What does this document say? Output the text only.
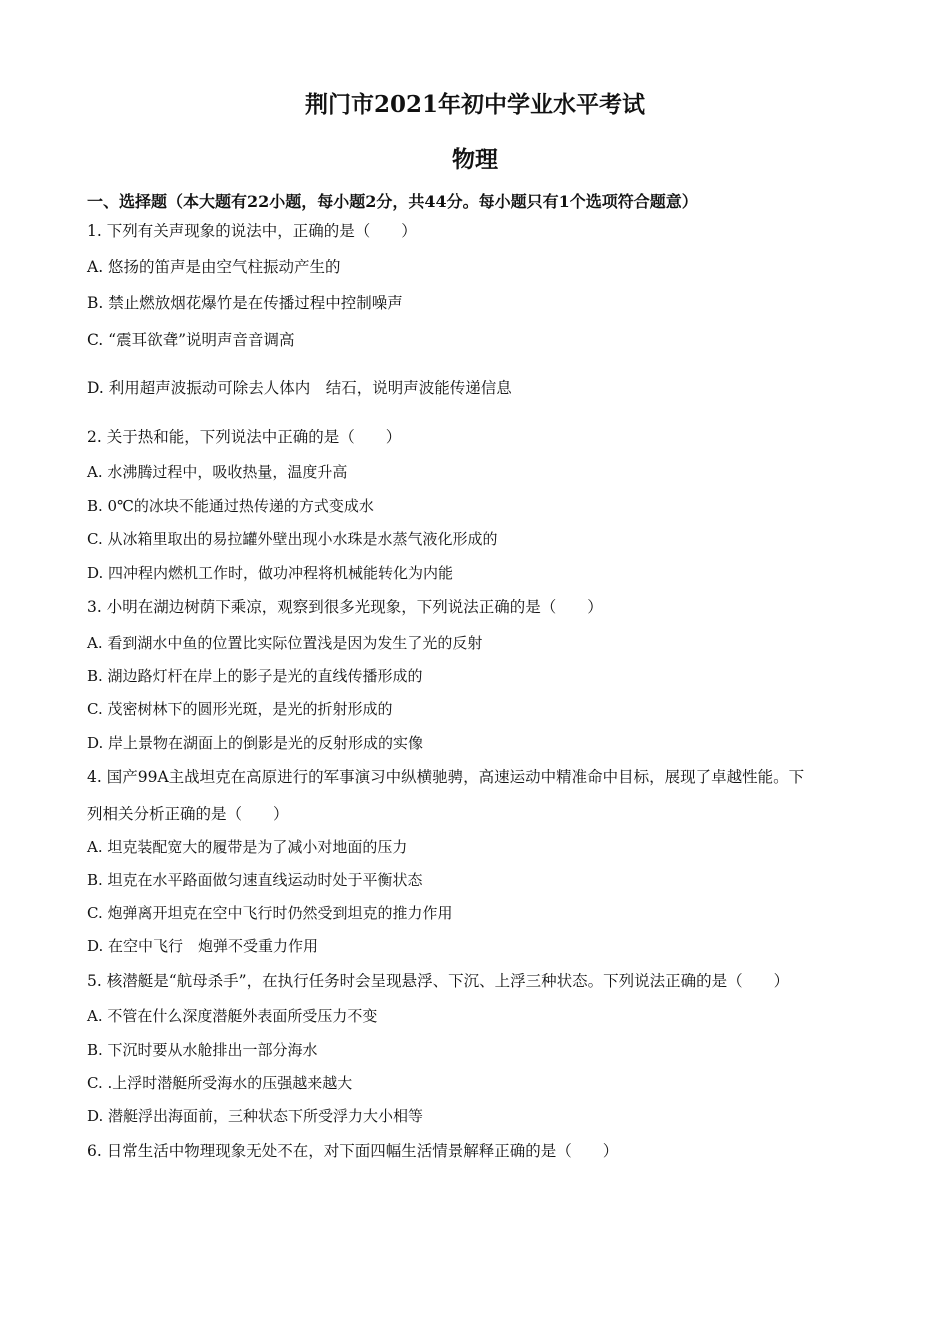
荆门市2021年初中学业水平考试
物理
一、选择题（本大题有22小题，每小题2分，共44分。每小题只有1个选项符合题意）
1. 下列有关声现象的说法中，正确的是（　　）
A. 悠扬的笛声是由空气柱振动产生的
B. 禁止燃放烟花爆竹是在传播过程中控制噪声
C. “震耳欲聋”说明声音音调高
D. 利用超声波振动可除去人体内　结石，说明声波能传递信息
2. 关于热和能，下列说法中正确的是（　　）
A. 水沸腾过程中，吸收热量，温度升高
B. 0℃的冰块不能通过热传递的方式变成水
C. 从冰箱里取出的易拉罐外壁出现小水珠是水蒸气液化形成的
D. 四冲程内燃机工作时，做功冲程将机械能转化为内能
3. 小明在湖边树荫下乘凉，观察到很多光现象，下列说法正确的是（　　）
A. 看到湖水中鱼的位置比实际位置浅是因为发生了光的反射
B. 湖边路灯杆在岸上的影子是光的直线传播形成的
C. 茂密树林下的圆形光斑，是光的折射形成的
D. 岸上景物在湖面上的倒影是光的反射形成的实像
4. 国产99A主战坦克在高原进行的军事演习中纵横驰骋，高速运动中精准命中目标，展现了卓越性能。下
列相关分析正确的是（　　）
A. 坦克装配宽大的履带是为了减小对地面的压力
B. 坦克在水平路面做匀速直线运动时处于平衡状态
C. 炮弹离开坦克在空中飞行时仍然受到坦克的推力作用
D. 在空中飞行　炮弹不受重力作用
5. 核潜艇是“航母杀手”，在执行任务时会呈现悬浮、下沉、上浮三种状态。下列说法正确的是（　　）
A. 不管在什么深度潜艇外表面所受压力不变
B. 下沉时要从水舱排出一部分海水
C. .上浮时潜艇所受海水的压强越来越大
D. 潜艇浮出海面前，三种状态下所受浮力大小相等
6. 日常生活中物理现象无处不在，对下面四幅生活情景解释正确的是（　　）
